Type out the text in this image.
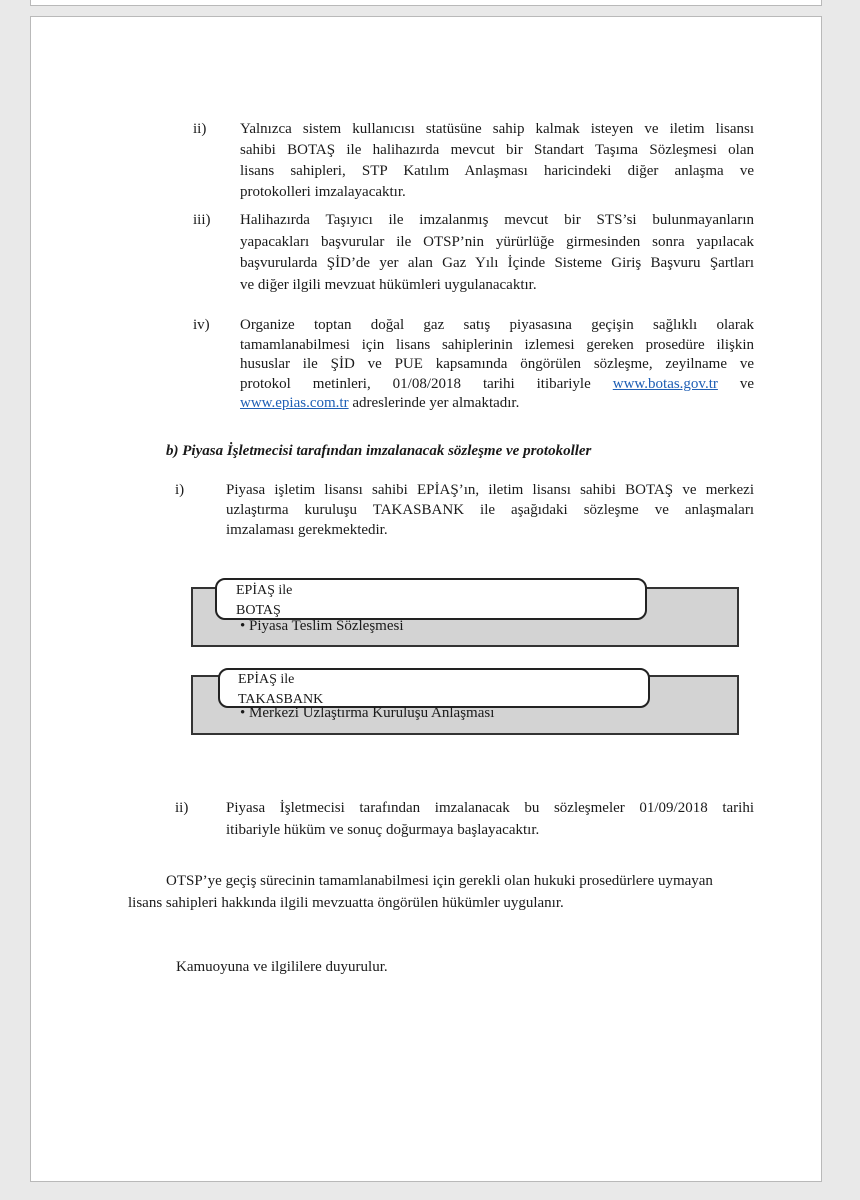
ii) Yalnızca sistem kullanıcısı statüsüne sahip kalmak isteyen ve iletim lisansı
sahibi BOTAŞ ile halihazırda mevcut bir Standart Taşıma Sözleşmesi olan
lisans sahipleri, STP Katılım Anlaşması haricindeki diğer anlaşma ve
protokolleri imzalayacaktır.
iii) Halihazırda Taşıyıcı ile imzalanmış mevcut bir STS’si bulunmayanların
yapacakları başvurular ile OTSP’nin yürürlüğe girmesinden sonra yapılacak
başvurularda ŞİD’de yer alan Gaz Yılı İçinde Sisteme Giriş Başvuru Şartları
ve diğer ilgili mevzuat hükümleri uygulanacaktır.
iv) Organize toptan doğal gaz satış piyasasına geçişin sağlıklı olarak
tamamlanabilmesi için lisans sahiplerinin izlemesi gereken prosedüre ilişkin
hususlar ile ŞİD ve PUE kapsamında öngörülen sözleşme, zeyilname ve
protokol metinleri, 01/08/2018 tarihi itibariyle www.botas.gov.tr ve
www.epias.com.tr adreslerinde yer almaktadır.
b) Piyasa İşletmecisi tarafından imzalanacak sözleşme ve protokoller
i)	Piyasa işletim lisansı sahibi EPİAŞ’ın, iletim lisansı sahibi BOTAŞ ve merkezi
uzlaştırma kuruluşu TAKASBANK ile aşağıdaki sözleşme ve anlaşmaları
imzalaması gerekmektedir.
EPİAŞ ile
BOTAŞ
• Piyasa Teslim Sözleşmesi
EPİAŞ ile
TAKASBANK
• Merkezi Uzlaştırma Kuruluşu Anlaşması
ii)	Piyasa İşletmecisi tarafından imzalanacak bu sözleşmeler 01/09/2018 tarihi
itibariyle hüküm ve sonuç doğurmaya başlayacaktır.
OTSP’ye geçiş sürecinin tamamlanabilmesi için gerekli olan hukuki prosedürlere uymayan
lisans sahipleri hakkında ilgili mevzuatta öngörülen hükümler uygulanır.
Kamuoyuna ve ilgililere duyurulur.
